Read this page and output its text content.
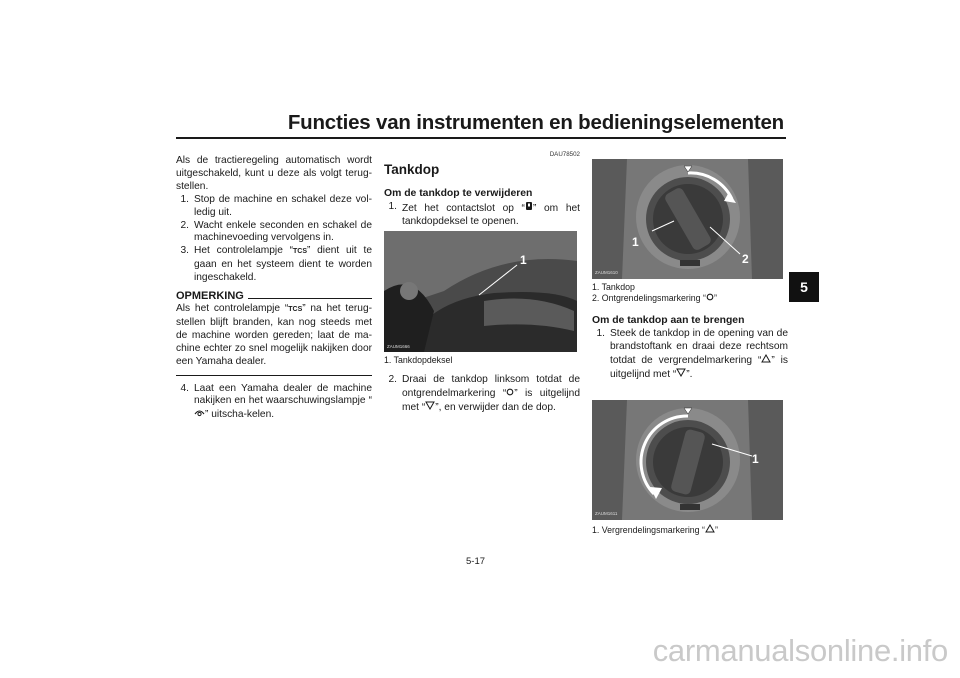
Functies van instrumenten en bedieningselementen
5

Als de tractieregeling automatisch wordt uitgeschakeld, kunt u deze als volgt terug-stellen.

1. Stop de machine en schakel deze vol-ledig uit.
2. Wacht enkele seconden en schakel de machinevoeding vervolgens in.
3. Het controlelampje “TCS” dient uit te gaan en het systeem dient te worden ingeschakeld.
OPMERKING

Als het controlelampje “TCS” na het terug-stellen blijft branden, kan nog steeds met de machine worden gereden; laat de ma-chine echter zo snel mogelijk nakijken door een Yamaha dealer.

4. Laat een Yamaha dealer de machine nakijken en het waarschuwingslampje “” uitscha-kelen.
DAU78502

Tankdop

Om de tankdop te verwijderen

1. Zet het contactslot op “ ” om het tankdopdeksel te openen.
ZAUM1666
1
1. Tankdopdeksel
2. Draai de tankdop linksom totdat de ontgrendelmarkering “ ” is uitgelijnd met “ ”, en verwijder dan de dop.
ZAUM1610
1
2
1. Tankdop
2. Ontgrendelingsmarkering “ ”

Om de tankdop aan te brengen

1. Steek de tankdop in de opening van de brandstoftank en draai deze rechtsom totdat de vergrendelmarkering “ ” is uitgelijnd met “ ”.
ZAUM1611
1
1. Vergrendelingsmarkering “ ”
5-17
carmanualsonline.info
